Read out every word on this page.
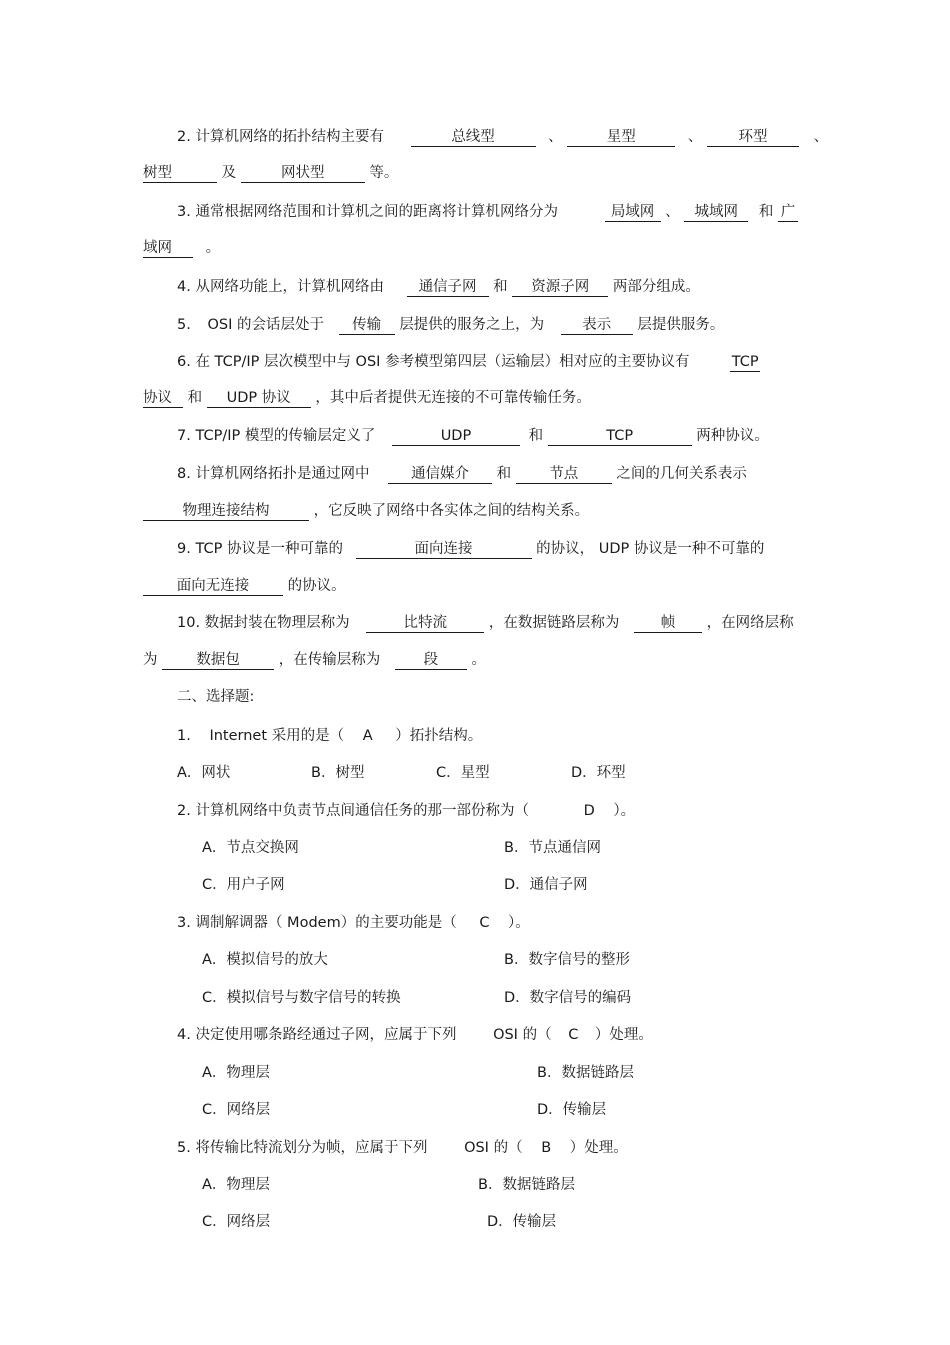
2. 计算机网络的拓扑结构主要有	总线型	、	星型	、 环型	、
树型	及	网状型	等。
3. 通常根据网络范围和计算机之间的距离将计算机网络分为	局域网 、 城域网 和 广
域网 。
4. 从网络功能上，计算机网络由 通信子网 和 资源子网 两部分组成。
5. OSI 的会话层处于 传输 层提供的服务之上，为	表示 层提供服务。
6. 在 TCP/IP 层次模型中与 OSI 参考模型第四层（运输层）相对应的主要协议有	TCP
协议 和 UDP 协议 ，其中后者提供无连接的不可靠传输任务。
7. TCP/IP 模型的传输层定义了	UDP	和	TCP	两种协议。
8. 计算机网络拓扑是通过网中	通信媒介 和	节点	之间的几何关系表示
物理连接结构	，它反映了网络中各实体之间的结构关系。
9. TCP 协议是一种可靠的	面向连接	的协议， UDP 协议是一种不可靠的
面向无连接	的协议。
10. 数据封装在物理层称为	比特流	，在数据链路层称为	帧 ，在网络层称
为	数据包	，在传输层称为	段 。
二、选择题:
1. Internet 采用的是（ A ）拓扑结构。
A．网状	B．树型	C．星型	D．环型
2. 计算机网络中负责节点间通信任务的那一部份称为（	D ）。
A．节点交换网	B．节点通信网
C．用户子网	D．通信子网
3. 调制解调器（ Modem）的主要功能是（ C ）。
A．模拟信号的放大	B．数字信号的整形
C．模拟信号与数字信号的转换	D．数字信号的编码
4. 决定使用哪条路经通过子网，应属于下列	OSI 的（ C ）处理。
A．物理层	B．数据链路层
C．网络层	D．传输层
5. 将传输比特流划分为帧，应属于下列	OSI 的（ B ）处理。
A．物理层	B．数据链路层
C．网络层	D．传输层
